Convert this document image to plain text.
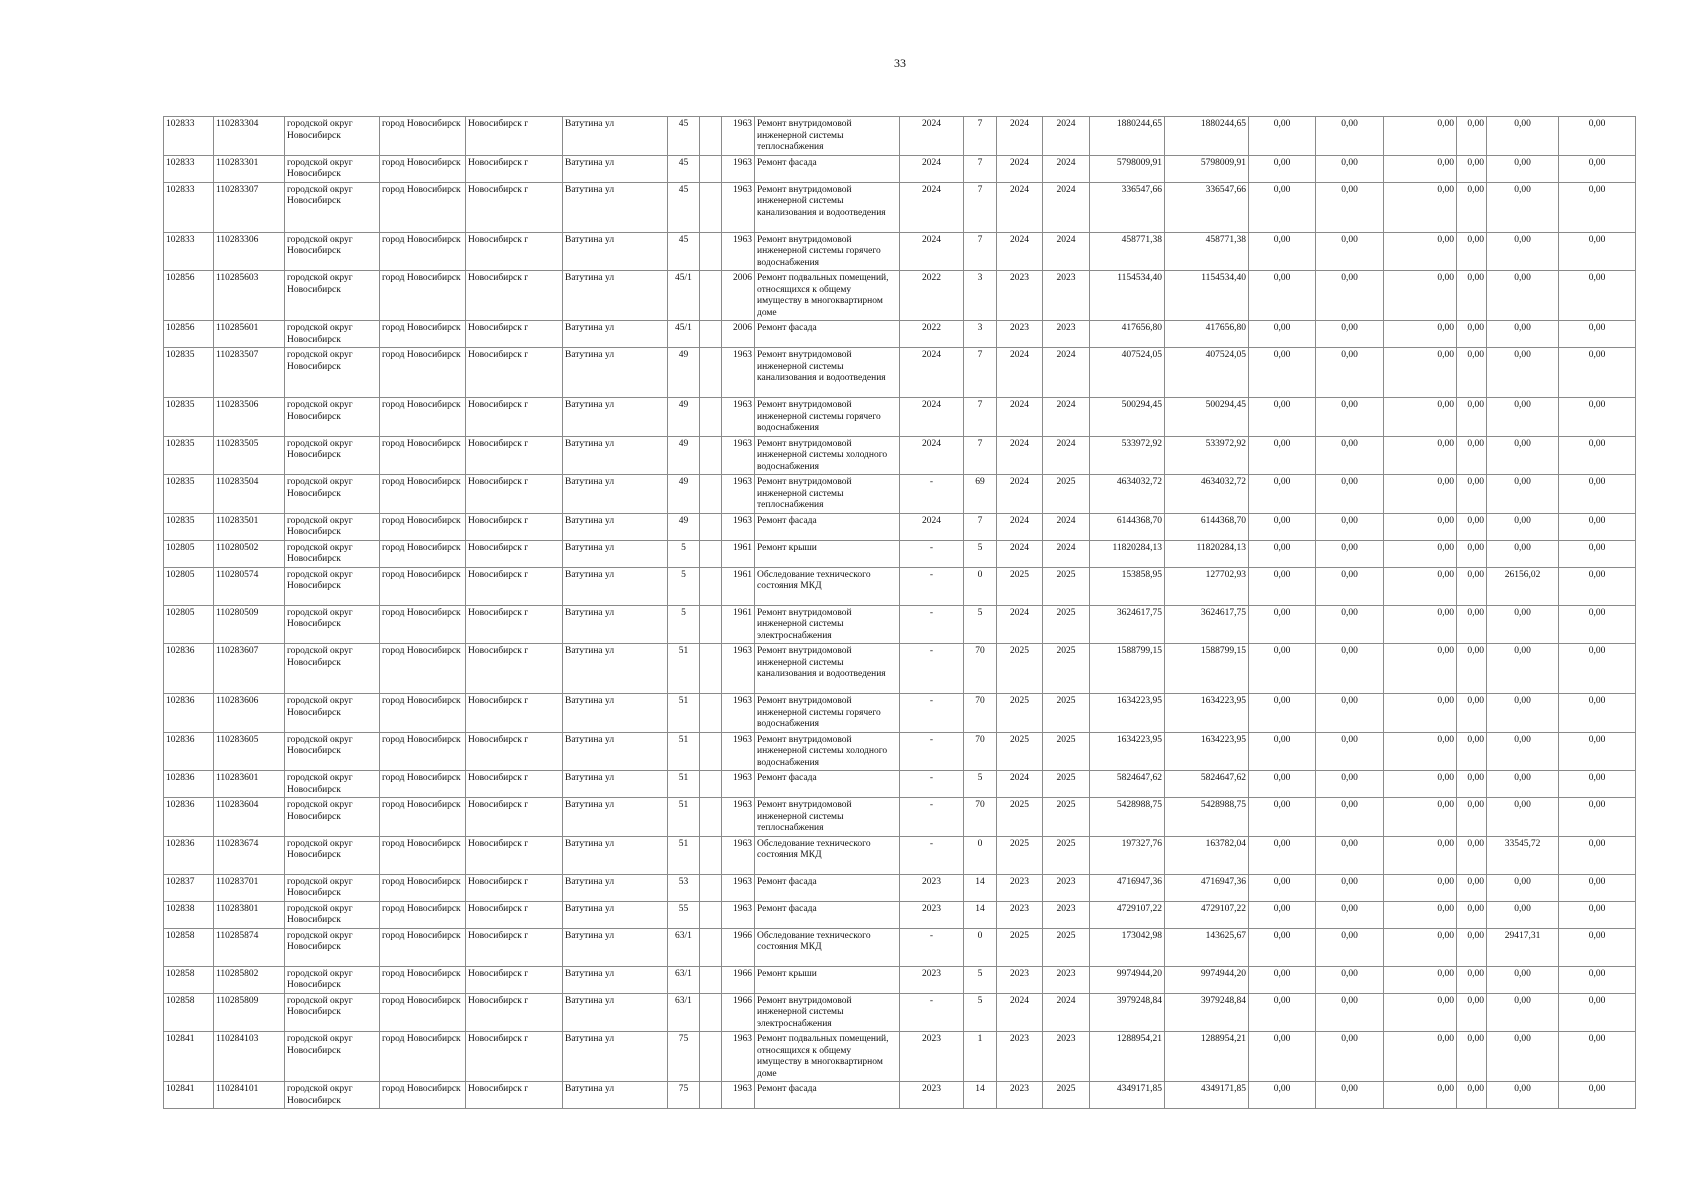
33
102833	110283304	городской округ Новосибирск	город Новосибирск	Новосибирск г	Ватутина ул	45		1963	Ремонт внутридомовой инженерной системы теплоснабжения	2024	7	2024	2024	1880244,65	1880244,65	0,00	0,00	0,00	0,00	0,00	0,00
102833	110283301	городской округ Новосибирск	город Новосибирск	Новосибирск г	Ватутина ул	45		1963	Ремонт фасада	2024	7	2024	2024	5798009,91	5798009,91	0,00	0,00	0,00	0,00	0,00	0,00
102833	110283307	городской округ Новосибирск	город Новосибирск	Новосибирск г	Ватутина ул	45		1963	Ремонт внутридомовой инженерной системы канализования и водоотведения	2024	7	2024	2024	336547,66	336547,66	0,00	0,00	0,00	0,00	0,00	0,00
102833	110283306	городской округ Новосибирск	город Новосибирск	Новосибирск г	Ватутина ул	45		1963	Ремонт внутридомовой инженерной системы горячего водоснабжения	2024	7	2024	2024	458771,38	458771,38	0,00	0,00	0,00	0,00	0,00	0,00
102856	110285603	городской округ Новосибирск	город Новосибирск	Новосибирск г	Ватутина ул	45/1		2006	Ремонт подвальных помещений, относящихся к общему имуществу в многоквартирном доме	2022	3	2023	2023	1154534,40	1154534,40	0,00	0,00	0,00	0,00	0,00	0,00
102856	110285601	городской округ Новосибирск	город Новосибирск	Новосибирск г	Ватутина ул	45/1		2006	Ремонт фасада	2022	3	2023	2023	417656,80	417656,80	0,00	0,00	0,00	0,00	0,00	0,00
102835	110283507	городской округ Новосибирск	город Новосибирск	Новосибирск г	Ватутина ул	49		1963	Ремонт внутридомовой инженерной системы канализования и водоотведения	2024	7	2024	2024	407524,05	407524,05	0,00	0,00	0,00	0,00	0,00	0,00
102835	110283506	городской округ Новосибирск	город Новосибирск	Новосибирск г	Ватутина ул	49		1963	Ремонт внутридомовой инженерной системы горячего водоснабжения	2024	7	2024	2024	500294,45	500294,45	0,00	0,00	0,00	0,00	0,00	0,00
102835	110283505	городской округ Новосибирск	город Новосибирск	Новосибирск г	Ватутина ул	49		1963	Ремонт внутридомовой инженерной системы холодного водоснабжения	2024	7	2024	2024	533972,92	533972,92	0,00	0,00	0,00	0,00	0,00	0,00
102835	110283504	городской округ Новосибирск	город Новосибирск	Новосибирск г	Ватутина ул	49		1963	Ремонт внутридомовой инженерной системы теплоснабжения	-	69	2024	2025	4634032,72	4634032,72	0,00	0,00	0,00	0,00	0,00	0,00
102835	110283501	городской округ Новосибирск	город Новосибирск	Новосибирск г	Ватутина ул	49		1963	Ремонт фасада	2024	7	2024	2024	6144368,70	6144368,70	0,00	0,00	0,00	0,00	0,00	0,00
102805	110280502	городской округ Новосибирск	город Новосибирск	Новосибирск г	Ватутина ул	5		1961	Ремонт крыши	-	5	2024	2024	11820284,13	11820284,13	0,00	0,00	0,00	0,00	0,00	0,00
102805	110280574	городской округ Новосибирск	город Новосибирск	Новосибирск г	Ватутина ул	5		1961	Обследование технического состояния МКД	-	0	2025	2025	153858,95	127702,93	0,00	0,00	0,00	0,00	26156,02	0,00
102805	110280509	городской округ Новосибирск	город Новосибирск	Новосибирск г	Ватутина ул	5		1961	Ремонт внутридомовой инженерной системы электроснабжения	-	5	2024	2025	3624617,75	3624617,75	0,00	0,00	0,00	0,00	0,00	0,00
102836	110283607	городской округ Новосибирск	город Новосибирск	Новосибирск г	Ватутина ул	51		1963	Ремонт внутридомовой инженерной системы канализования и водоотведения	-	70	2025	2025	1588799,15	1588799,15	0,00	0,00	0,00	0,00	0,00	0,00
102836	110283606	городской округ Новосибирск	город Новосибирск	Новосибирск г	Ватутина ул	51		1963	Ремонт внутридомовой инженерной системы горячего водоснабжения	-	70	2025	2025	1634223,95	1634223,95	0,00	0,00	0,00	0,00	0,00	0,00
102836	110283605	городской округ Новосибирск	город Новосибирск	Новосибирск г	Ватутина ул	51		1963	Ремонт внутридомовой инженерной системы холодного водоснабжения	-	70	2025	2025	1634223,95	1634223,95	0,00	0,00	0,00	0,00	0,00	0,00
102836	110283601	городской округ Новосибирск	город Новосибирск	Новосибирск г	Ватутина ул	51		1963	Ремонт фасада	-	5	2024	2025	5824647,62	5824647,62	0,00	0,00	0,00	0,00	0,00	0,00
102836	110283604	городской округ Новосибирск	город Новосибирск	Новосибирск г	Ватутина ул	51		1963	Ремонт внутридомовой инженерной системы теплоснабжения	-	70	2025	2025	5428988,75	5428988,75	0,00	0,00	0,00	0,00	0,00	0,00
102836	110283674	городской округ Новосибирск	город Новосибирск	Новосибирск г	Ватутина ул	51		1963	Обследование технического состояния МКД	-	0	2025	2025	197327,76	163782,04	0,00	0,00	0,00	0,00	33545,72	0,00
102837	110283701	городской округ Новосибирск	город Новосибирск	Новосибирск г	Ватутина ул	53		1963	Ремонт фасада	2023	14	2023	2023	4716947,36	4716947,36	0,00	0,00	0,00	0,00	0,00	0,00
102838	110283801	городской округ Новосибирск	город Новосибирск	Новосибирск г	Ватутина ул	55		1963	Ремонт фасада	2023	14	2023	2023	4729107,22	4729107,22	0,00	0,00	0,00	0,00	0,00	0,00
102858	110285874	городской округ Новосибирск	город Новосибирск	Новосибирск г	Ватутина ул	63/1		1966	Обследование технического состояния МКД	-	0	2025	2025	173042,98	143625,67	0,00	0,00	0,00	0,00	29417,31	0,00
102858	110285802	городской округ Новосибирск	город Новосибирск	Новосибирск г	Ватутина ул	63/1		1966	Ремонт крыши	2023	5	2023	2023	9974944,20	9974944,20	0,00	0,00	0,00	0,00	0,00	0,00
102858	110285809	городской округ Новосибирск	город Новосибирск	Новосибирск г	Ватутина ул	63/1		1966	Ремонт внутридомовой инженерной системы электроснабжения	-	5	2024	2024	3979248,84	3979248,84	0,00	0,00	0,00	0,00	0,00	0,00
102841	110284103	городской округ Новосибирск	город Новосибирск	Новосибирск г	Ватутина ул	75		1963	Ремонт подвальных помещений, относящихся к общему имуществу в многоквартирном доме	2023	1	2023	2023	1288954,21	1288954,21	0,00	0,00	0,00	0,00	0,00	0,00
102841	110284101	городской округ Новосибирск	город Новосибирск	Новосибирск г	Ватутина ул	75		1963	Ремонт фасада	2023	14	2023	2025	4349171,85	4349171,85	0,00	0,00	0,00	0,00	0,00	0,00
